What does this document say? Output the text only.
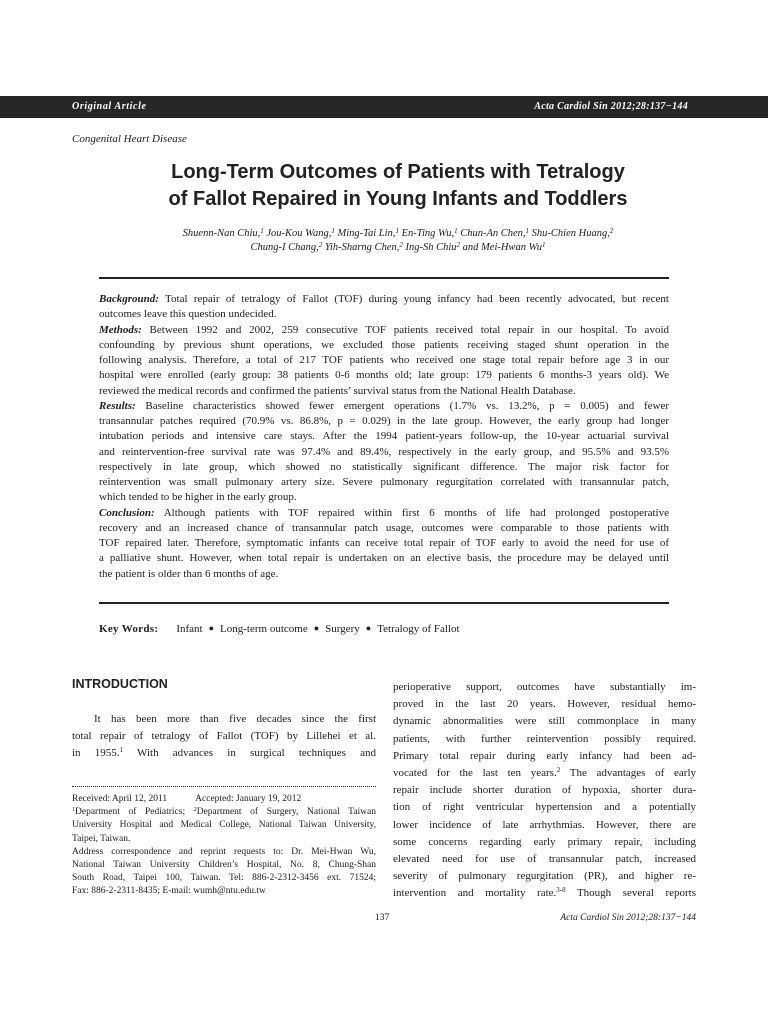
Original Article	Acta Cardiol Sin 2012;28:137−144
Congenital Heart Disease
Long-Term Outcomes of Patients with Tetralogy
of Fallot Repaired in Young Infants and Toddlers
Shuenn-Nan Chiu,$^1$ Jou-Kou Wang,$^1$ Ming-Tai Lin,$^1$ En-Ting Wu,$^1$ Chun-An Chen,$^1$ Shu-Chien Huang,$^2$
Chung-I Chang,$^2$ Yih-Sharng Chen,$^2$ Ing-Sh Chiu$^2$ and Mei-Hwan Wu$^1$
Background: Total repair of tetralogy of Fallot (TOF) during young infancy had been recently advocated, but recent
outcomes leave this question undecided.
Methods: Between 1992 and 2002, 259 consecutive TOF patients received total repair in our hospital. To avoid
confounding by previous shunt operations, we excluded those patients receiving staged shunt operation in the
following analysis. Therefore, a total of 217 TOF patients who received one stage total repair before age 3 in our
hospital were enrolled (early group: 38 patients 0-6 months old; late group: 179 patients 6 months-3 years old). We
reviewed the medical records and confirmed the patients’ survival status from the National Health Database.
Results: Baseline characteristics showed fewer emergent operations (1.7% vs. 13.2%, p = 0.005) and fewer
transannular patches required (70.9% vs. 86.8%, p = 0.029) in the late group. However, the early group had longer
intubation periods and intensive care stays. After the 1994 patient-years follow-up, the 10-year actuarial survival
and reintervention-free survival rate was 97.4% and 89.4%, respectively in the early group, and 95.5% and 93.5%
respectively in late group, which showed no statistically significant difference. The major risk factor for
reintervention was small pulmonary artery size. Severe pulmonary regurgitation correlated with transannular patch,
which tended to be higher in the early group.
Conclusion: Although patients with TOF repaired within first 6 months of life had prolonged postoperative
recovery and an increased chance of transannular patch usage, outcomes were comparable to those patients with
TOF repaired later. Therefore, symptomatic infants can receive total repair of TOF early to avoid the need for use of
a palliative shunt. However, when total repair is undertaken on an elective basis, the procedure may be delayed until
the patient is older than 6 months of age.
Key Words: Infant ● Long-term outcome ● Surgery ● Tetralogy of Fallot
INTRODUCTION
It has been more than five decades since the first
total repair of tetralogy of Fallot (TOF) by Lillehei et al.
in 1955.$^1$ With advances in surgical techniques and
Received: April 12, 2011	Accepted: January 19, 2012
$^1$Department of Pediatrics; $^2$Department of Surgery, National Taiwan
University Hospital and Medical College, National Taiwan University,
Taipei, Taiwan.
Address correspondence and reprint requests to: Dr. Mei-Hwan Wu,
National Taiwan University Children’s Hospital, No. 8, Chung-Shan
South Road, Taipei 100, Taiwan. Tel: 886-2-2312-3456 ext. 71524;
Fax: 886-2-2311-8435; E-mail: wumh@ntu.edu.tw
perioperative support, outcomes have substantially im-
proved in the last 20 years. However, residual hemo-
dynamic abnormalities were still commonplace in many
patients, with further reintervention possibly required.
Primary total repair during early infancy had been ad-
vocated for the last ten years.$^2$ The advantages of early
repair include shorter duration of hypoxia, shorter dura-
tion of right ventricular hypertension and a potentially
lower incidence of late arrhythmias. However, there are
some concerns regarding early primary repair, including
elevated need for use of transannular patch, increased
severity of pulmonary regurgitation (PR), and higher re-
intervention and mortality rate.$^{3-8}$ Though several reports
137	Acta Cardiol Sin 2012;28:137−144
